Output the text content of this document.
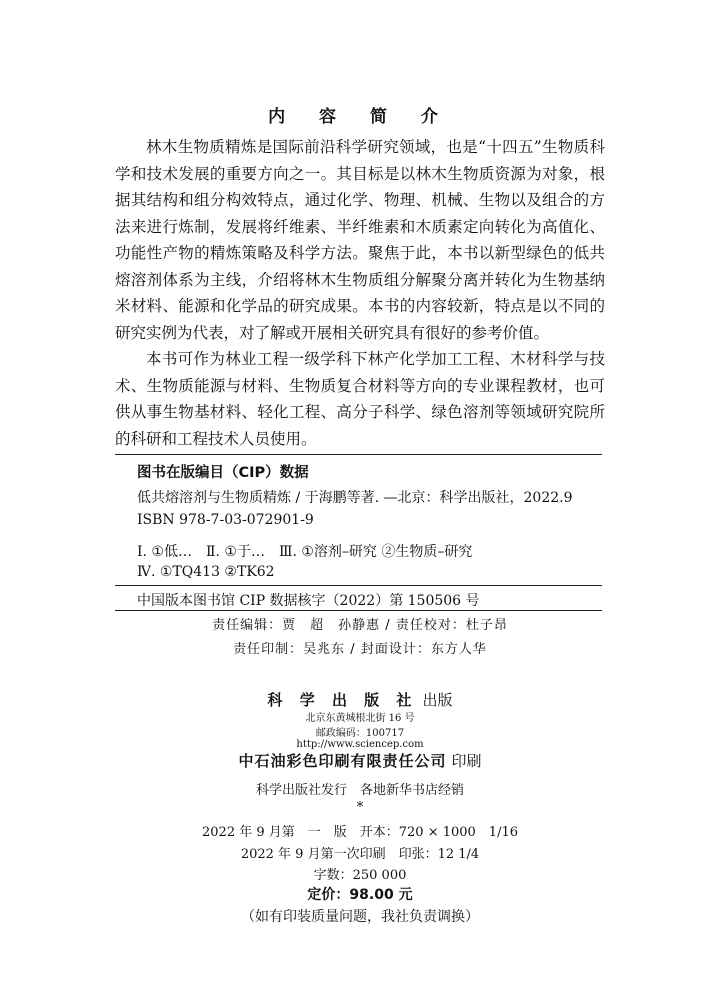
内 容 简 介

林木生物质精炼是国际前沿科学研究领域，也是“十四五”生物质科学和技术发展的重要方向之一。其目标是以林木生物质资源为对象，根据其结构和组分构效特点，通过化学、物理、机械、生物以及组合的方法来进行炼制，发展将纤维素、半纤维素和木质素定向转化为高值化、功能性产物的精炼策略及科学方法。聚焦于此，本书以新型绿色的低共熔溶剂体系为主线，介绍将林木生物质组分解聚分离并转化为生物基纳米材料、能源和化学品的研究成果。本书的内容较新，特点是以不同的研究实例为代表，对了解或开展相关研究具有很好的参考价值。

本书可作为林业工程一级学科下林产化学加工工程、木材科学与技术、生物质能源与材料、生物质复合材料等方向的专业课程教材，也可供从事生物基材料、轻化工程、高分子科学、绿色溶剂等领域研究院所的科研和工程技术人员使用。

图书在版编目（CIP）数据
低共熔溶剂与生物质精炼 / 于海鹏等著. —北京：科学出版社，2022.9
ISBN 978-7-03-072901-9
Ⅰ. ①低…　Ⅱ. ①于…　Ⅲ. ①溶剂–研究 ②生物质–研究
Ⅳ. ①TQ413 ②TK62
中国版本图书馆 CIP 数据核字（2022）第 150506 号
责任编辑：贾　超　孙静惠 / 责任校对：杜子昂
责任印制：吴兆东 / 封面设计：东方人华
科 学 出 版 社 出版
北京东黄城根北街 16 号
邮政编码：100717
http://www.sciencep.com
中石油彩色印刷有限责任公司 印刷
科学出版社发行　各地新华书店经销
*
2022 年 9 月第　一　版　开本：720 × 1000　1/16
2022 年 9 月第一次印刷　印张：12 1/4
字数：250 000
定价：98.00 元
（如有印装质量问题，我社负责调换）
